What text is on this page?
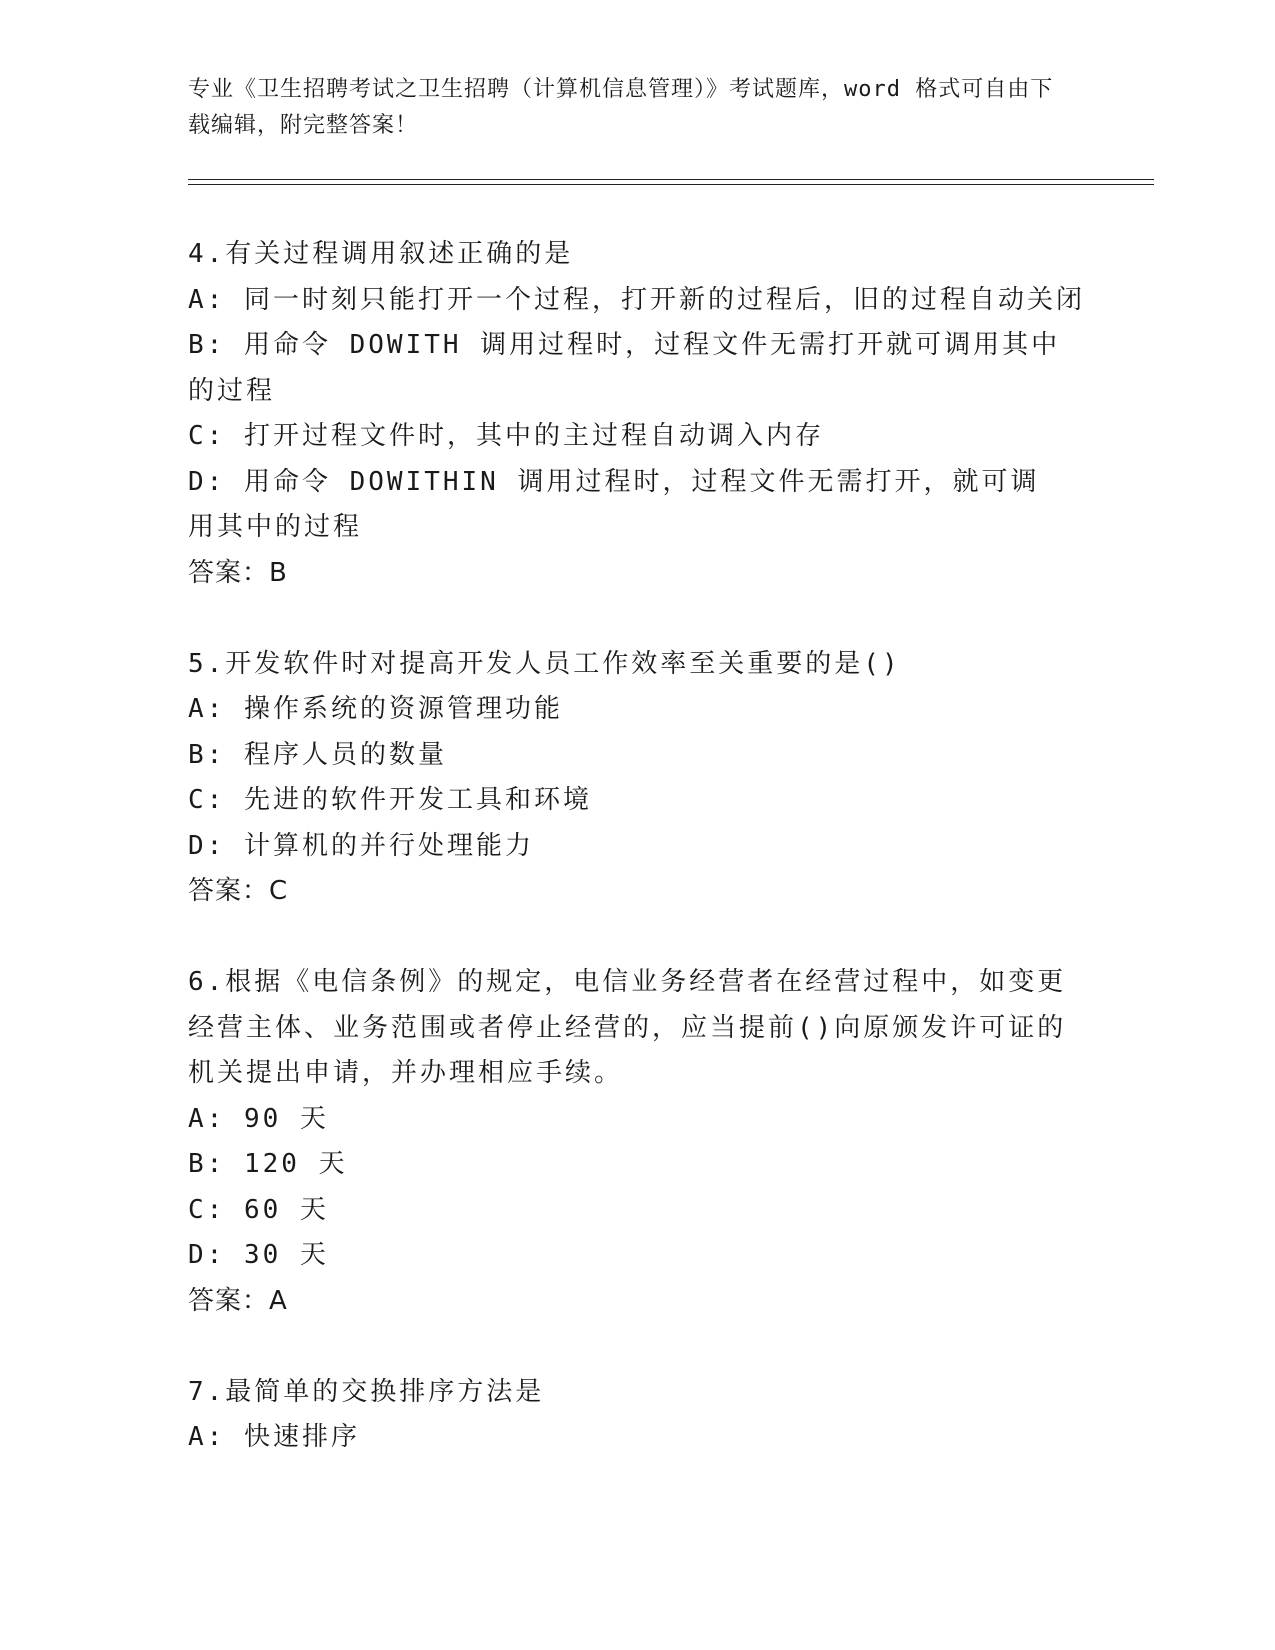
专业《卫生招聘考试之卫生招聘（计算机信息管理）》考试题库，word 格式可自由下载编辑，附完整答案！
4.有关过程调用叙述正确的是
A: 同一时刻只能打开一个过程，打开新的过程后，旧的过程自动关闭
B: 用命令 DOWITH 调用过程时，过程文件无需打开就可调用其中的过程
C: 打开过程文件时，其中的主过程自动调入内存
D: 用命令 DOWITHIN 调用过程时，过程文件无需打开，就可调用其中的过程
答案：B
5.开发软件时对提高开发人员工作效率至关重要的是()
A: 操作系统的资源管理功能
B: 程序人员的数量
C: 先进的软件开发工具和环境
D: 计算机的并行处理能力
答案：C
6.根据《电信条例》的规定，电信业务经营者在经营过程中，如变更经营主体、业务范围或者停止经营的，应当提前()向原颁发许可证的机关提出申请，并办理相应手续。
A: 90 天
B: 120 天
C: 60 天
D: 30 天
答案：A
7.最简单的交换排序方法是
A: 快速排序
